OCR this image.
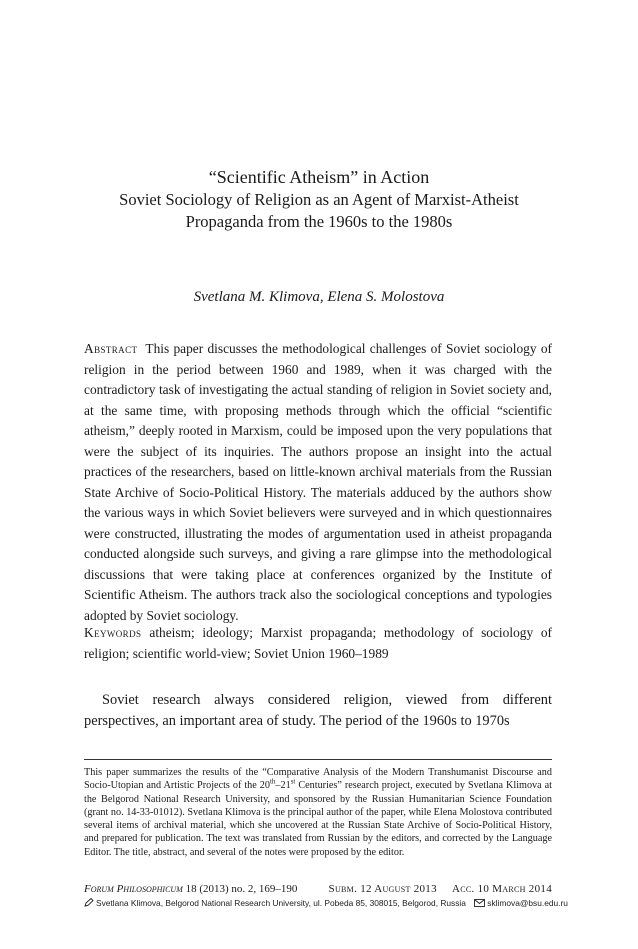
“Scientific Atheism” in Action
Soviet Sociology of Religion as an Agent of Marxist-Atheist Propaganda from the 1960s to the 1980s
Svetlana M. Klimova, Elena S. Molostova
Abstract This paper discusses the methodological challenges of Soviet sociology of religion in the period between 1960 and 1989, when it was charged with the contradictory task of investigating the actual standing of religion in Soviet society and, at the same time, with proposing methods through which the official “scientific atheism,” deeply rooted in Marxism, could be imposed upon the very populations that were the subject of its inquiries. The authors propose an insight into the actual practices of the researchers, based on little-known archival materials from the Russian State Archive of Socio-Political History. The materials adduced by the authors show the various ways in which Soviet believers were surveyed and in which questionnaires were constructed, illustrating the modes of argumentation used in atheist propaganda conducted alongside such surveys, and giving a rare glimpse into the methodological discussions that were taking place at conferences organized by the Institute of Scientific Atheism. The authors track also the sociological conceptions and typologies adopted by Soviet sociology.
Keywords atheism; ideology; Marxist propaganda; methodology of sociology of religion; scientific world-view; Soviet Union 1960–1989
Soviet research always considered religion, viewed from different perspectives, an important area of study. The period of the 1960s to 1970s
This paper summarizes the results of the “Comparative Analysis of the Modern Transhumanist Discourse and Socio-Utopian and Artistic Projects of the 20th–21st Centuries” research project, executed by Svetlana Klimova at the Belgorod National Research University, and sponsored by the Russian Humanitarian Science Foundation (grant no. 14-33-01012). Svetlana Klimova is the principal author of the paper, while Elena Molostova contributed several items of archival material, which she uncovered at the Russian State Archive of Socio-Political History, and prepared for publication. The text was translated from Russian by the editors, and corrected by the Language Editor. The title, abstract, and several of the notes were proposed by the editor.
Forum Philosophicum 18 (2013) no. 2, 169–190	Subm. 12 August 2013 Acc. 10 March 2014
Svetlana Klimova, Belgorod National Research University, ul. Pobeda 85, 308015, Belgorod, Russia	sklimova@bsu.edu.ru
